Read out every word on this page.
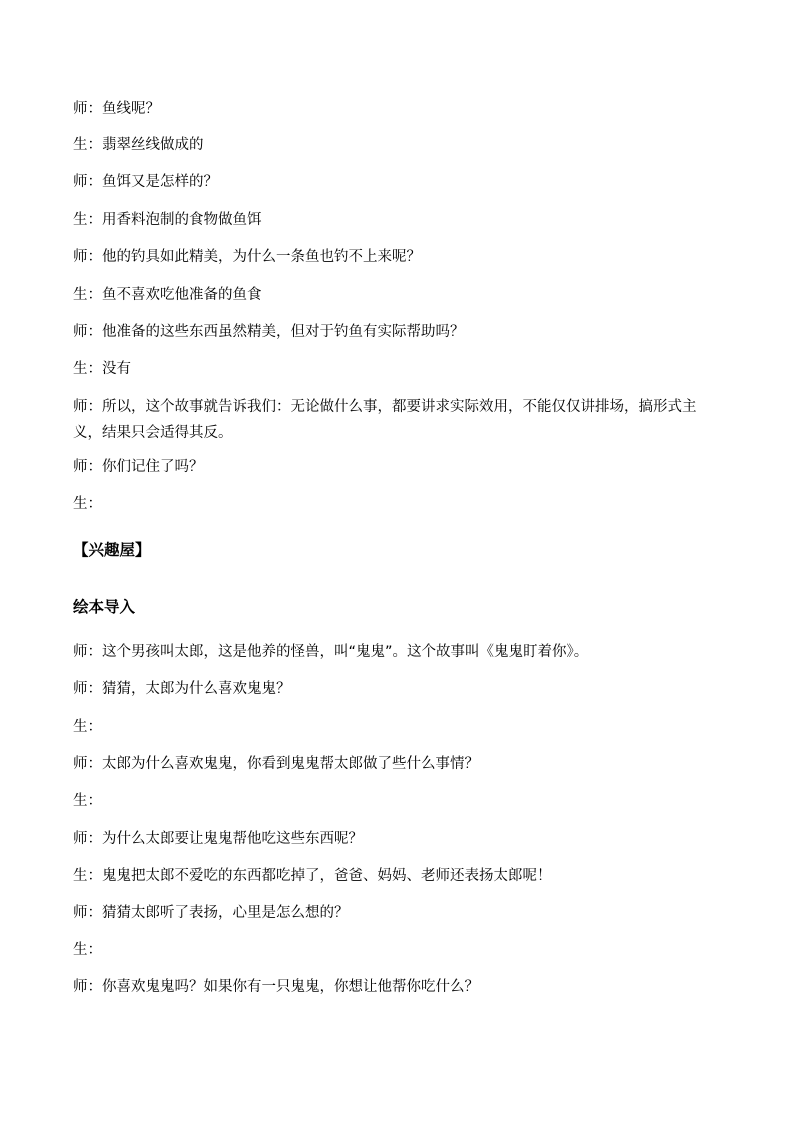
师：鱼线呢？
生：翡翠丝线做成的
师：鱼饵又是怎样的？
生：用香料泡制的食物做鱼饵
师：他的钓具如此精美，为什么一条鱼也钓不上来呢？
生：鱼不喜欢吃他准备的鱼食
师：他准备的这些东西虽然精美，但对于钓鱼有实际帮助吗？
生：没有
师：所以，这个故事就告诉我们：无论做什么事，都要讲求实际效用，不能仅仅讲排场，搞形式主义，结果只会适得其反。
师：你们记住了吗？
生：
【兴趣屋】
绘本导入
师：这个男孩叫太郎，这是他养的怪兽，叫“鬼鬼”。这个故事叫《鬼鬼盯着你》。
师：猜猜，太郎为什么喜欢鬼鬼？
生：
师：太郎为什么喜欢鬼鬼，你看到鬼鬼帮太郎做了些什么事情？
生：
师：为什么太郎要让鬼鬼帮他吃这些东西呢？
生：鬼鬼把太郎不爱吃的东西都吃掉了，爸爸、妈妈、老师还表扬太郎呢！
师：猜猜太郎听了表扬，心里是怎么想的？
生：
师：你喜欢鬼鬼吗？如果你有一只鬼鬼，你想让他帮你吃什么？
